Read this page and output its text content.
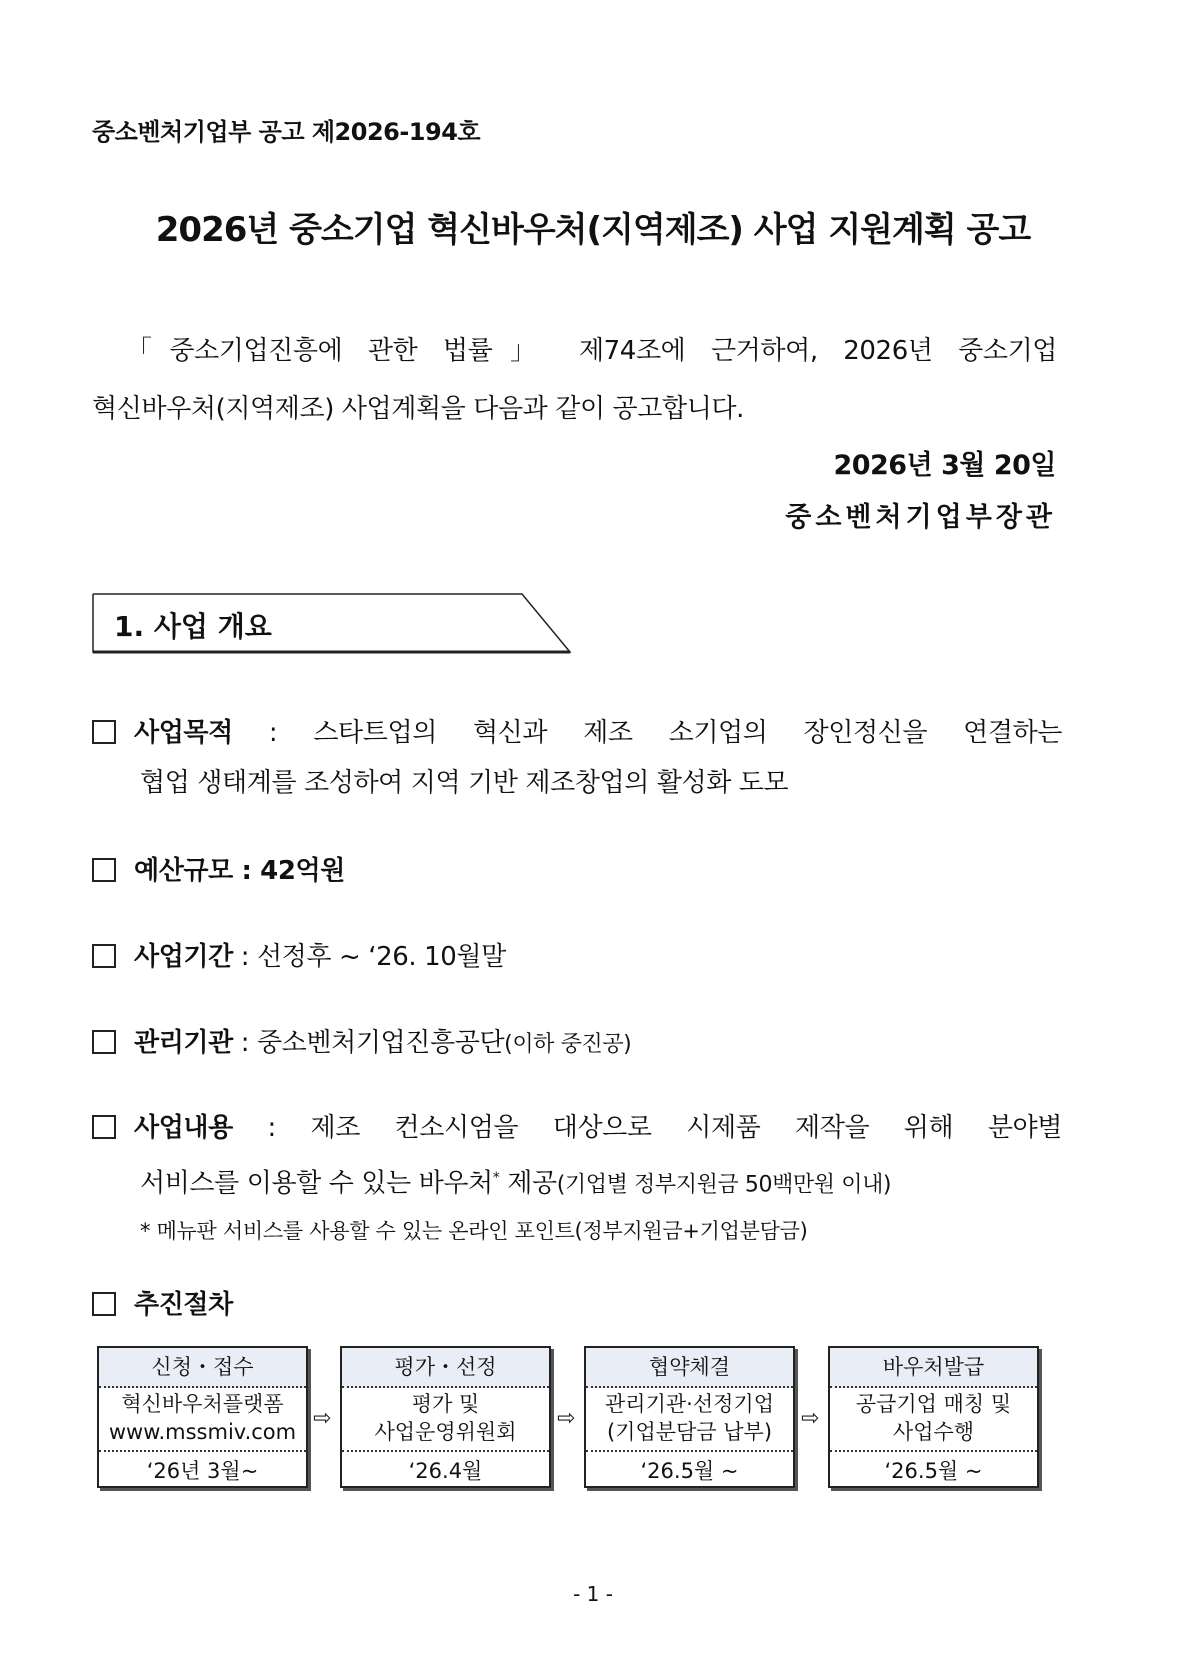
중소벤처기업부 공고 제2026-194호
2026년 중소기업 혁신바우처(지역제조) 사업 지원계획 공고
「중소기업진흥에 관한 법률」 제74조에 근거하여, 2026년 중소기업
혁신바우처(지역제조) 사업계획을 다음과 같이 공고합니다.
2026년 3월 20일
중소벤처기업부장관
1. 사업 개요
사업목적 : 스타트업의 혁신과 제조 소기업의 장인정신을 연결하는
협업 생태계를 조성하여 지역 기반 제조창업의 활성화 도모
예산규모 : 42억원
사업기간 : 선정후 ~ ‘26. 10월말
관리기관 : 중소벤처기업진흥공단(이하 중진공)
사업내용 : 제조 컨소시엄을 대상으로 시제품 제작을 위해 분야별
서비스를 이용할 수 있는 바우처* 제공(기업별 정부지원금 50백만원 이내)
* 메뉴판 서비스를 사용할 수 있는 온라인 포인트(정부지원금+기업분담금)
추진절차
신청・접수
혁신바우처플랫폼
www.mssmiv.com
‘26년 3월~
⇨
평가・선정
평가 및
사업운영위원회
‘26.4월
⇨
협약체결
관리기관·선정기업
(기업분담금 납부)
‘26.5월 ~
⇨
바우처발급
공급기업 매칭 및
사업수행
‘26.5월 ~
- 1 -
